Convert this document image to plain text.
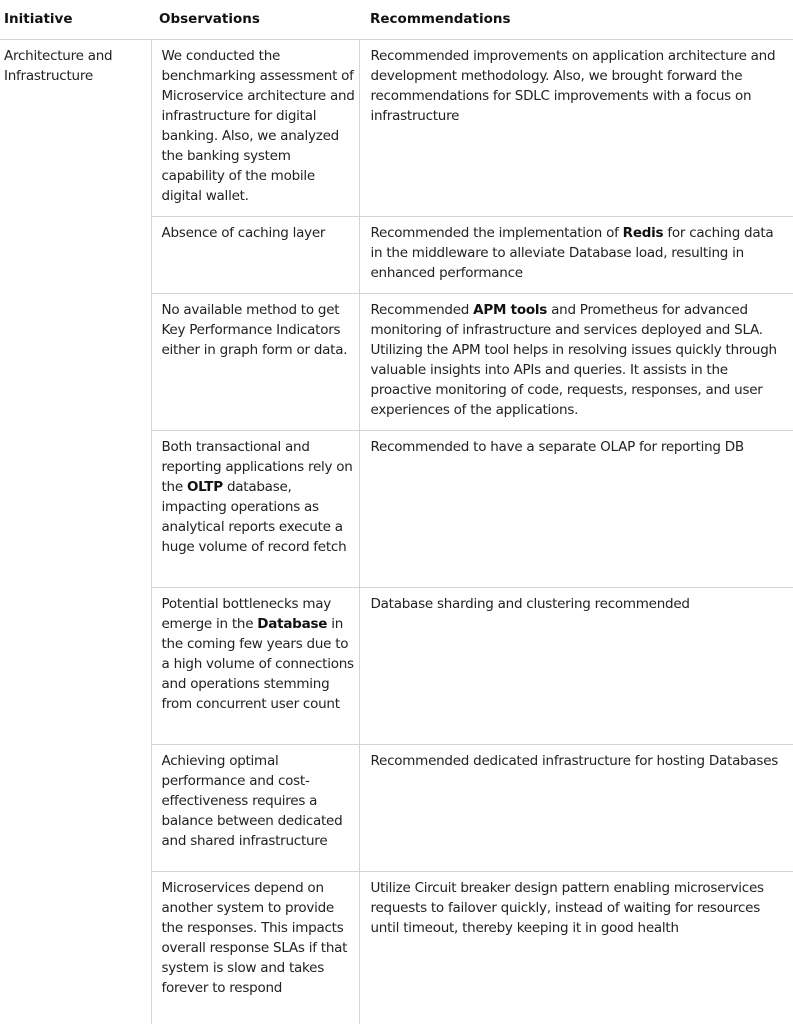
Initiative	Observations	Recommendations
Architecture and Infrastructure	We conducted the benchmarking assessment of Microservice architecture and infrastructure for digital banking. Also, we analyzed the banking system capability of the mobile digital wallet.	Recommended improvements on application architecture and development methodology. Also, we brought forward the recommendations for SDLC improvements with a focus on infrastructure
	Absence of caching layer	Recommended the implementation of Redis for caching data in the middleware to alleviate Database load, resulting in enhanced performance
	No available method to get Key Performance Indicators either in graph form or data.	Recommended APM tools and Prometheus for advanced monitoring of infrastructure and services deployed and SLA. Utilizing the APM tool helps in resolving issues quickly through valuable insights into APIs and queries. It assists in the proactive monitoring of code, requests, responses, and user experiences of the applications.
	Both transactional and reporting applications rely on the OLTP database, impacting operations as analytical reports execute a huge volume of record fetch	Recommended to have a separate OLAP for reporting DB
	Potential bottlenecks may emerge in the Database in the coming few years due to a high volume of connections and operations stemming from concurrent user count	Database sharding and clustering recommended
	Achieving optimal performance and cost-effectiveness requires a balance between dedicated and shared infrastructure	Recommended dedicated infrastructure for hosting Databases
	Microservices depend on another system to provide the responses. This impacts overall response SLAs if that system is slow and takes forever to respond	Utilize Circuit breaker design pattern enabling microservices requests to failover quickly, instead of waiting for resources until timeout, thereby keeping it in good health
